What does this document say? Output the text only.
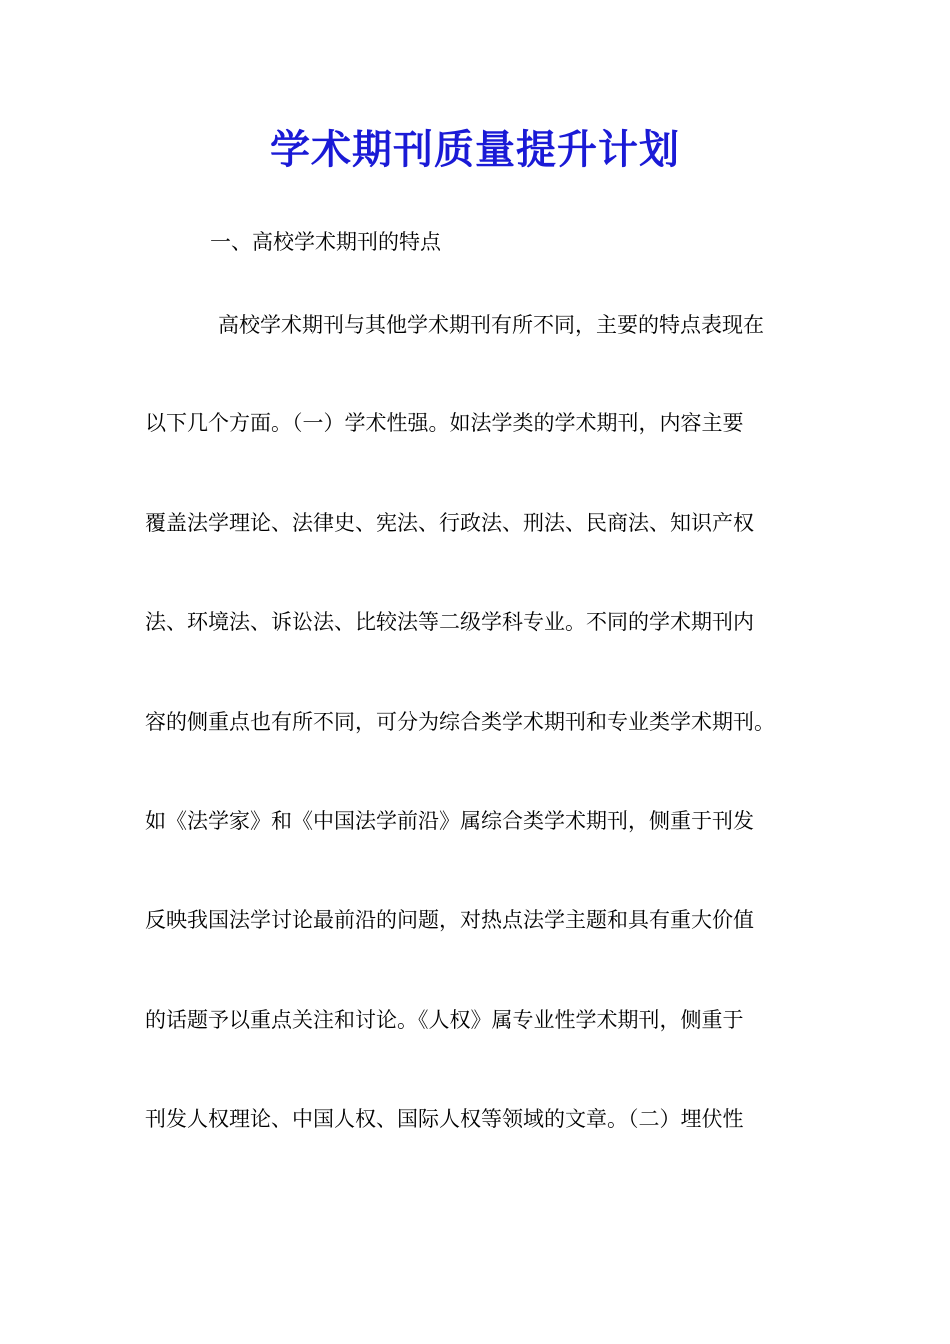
学术期刊质量提升计划

一、高校学术期刊的特点

高校学术期刊与其他学术期刊有所不同，主要的特点表现在

以下几个方面。（一）学术性强。如法学类的学术期刊，内容主要

覆盖法学理论、法律史、宪法、行政法、刑法、民商法、知识产权

法、环境法、诉讼法、比较法等二级学科专业。不同的学术期刊内

容的侧重点也有所不同，可分为综合类学术期刊和专业类学术期刊。

如《法学家》和《中国法学前沿》属综合类学术期刊，侧重于刊发

反映我国法学讨论最前沿的问题，对热点法学主题和具有重大价值

的话题予以重点关注和讨论。《人权》属专业性学术期刊，侧重于

刊发人权理论、中国人权、国际人权等领域的文章。（二）埋伏性
